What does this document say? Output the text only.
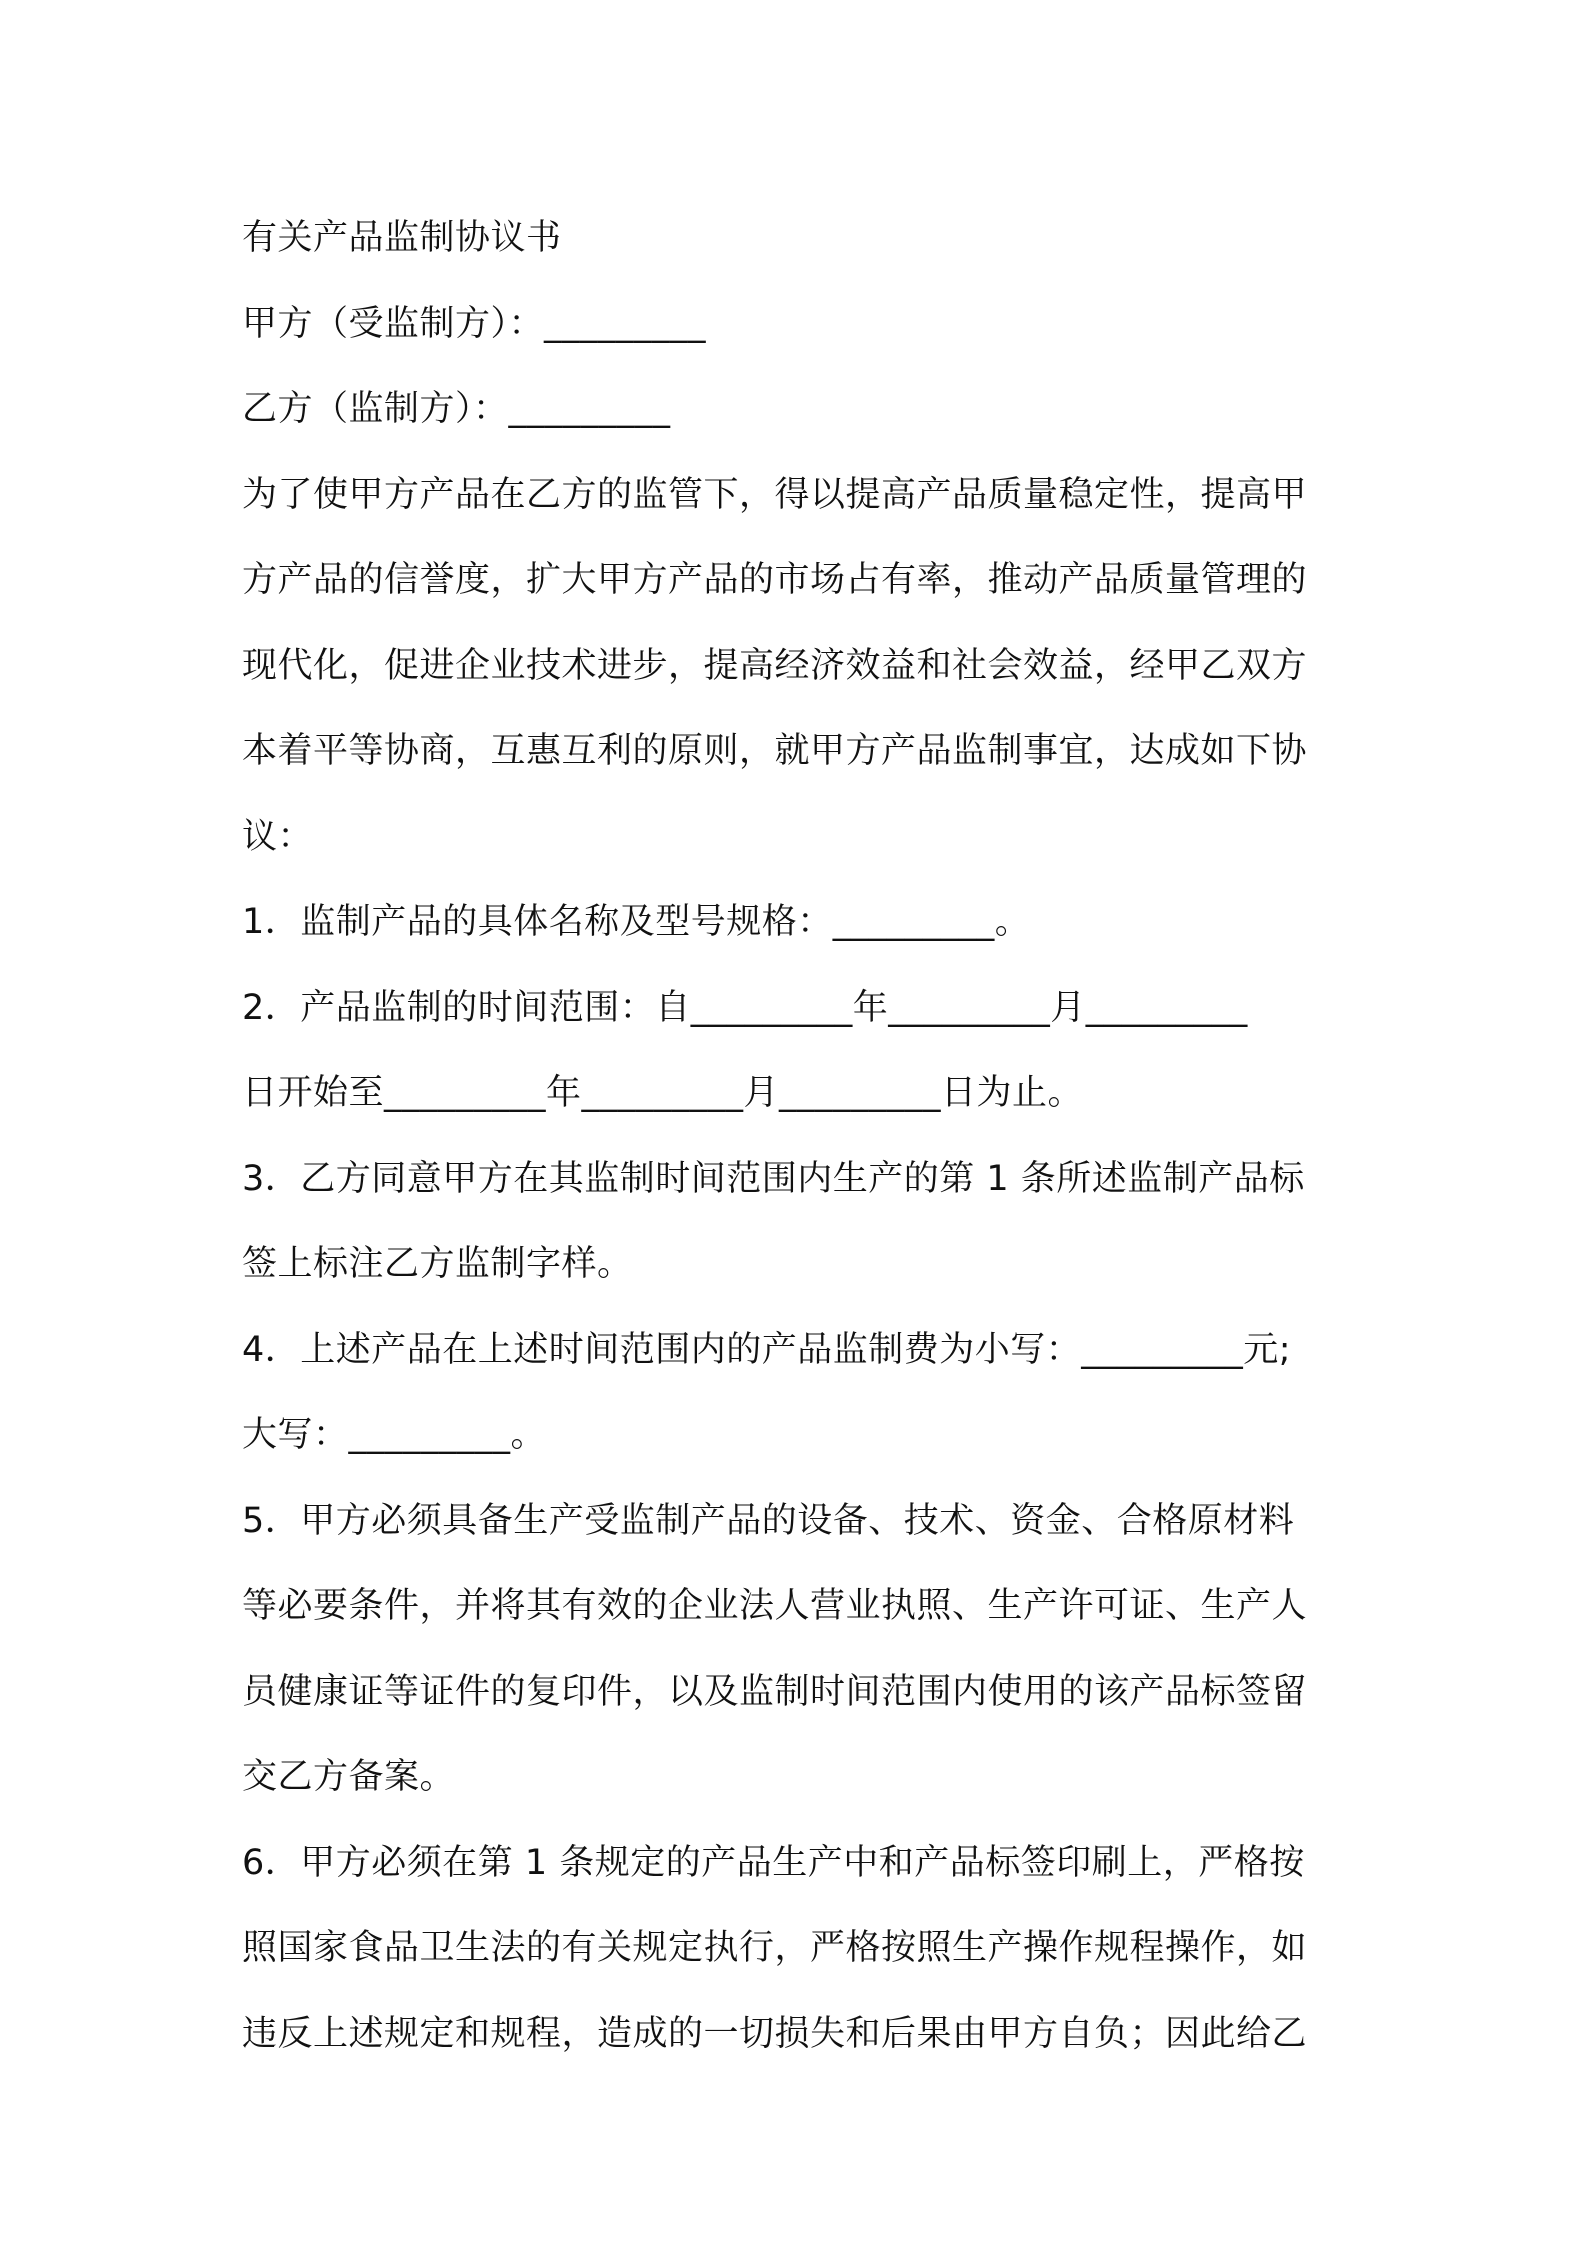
有关产品监制协议书
甲方（受监制方）：_________
乙方（监制方）：_________
为了使甲方产品在乙方的监管下，得以提高产品质量稳定性，提高甲
方产品的信誉度，扩大甲方产品的市场占有率，推动产品质量管理的
现代化，促进企业技术进步，提高经济效益和社会效益，经甲乙双方
本着平等协商，互惠互利的原则，就甲方产品监制事宜，达成如下协
议：
1．监制产品的具体名称及型号规格：_________。
2．产品监制的时间范围：自_________年_________月_________
日开始至_________年_________月_________日为止。
3．乙方同意甲方在其监制时间范围内生产的第 1 条所述监制产品标
签上标注乙方监制字样。
4．上述产品在上述时间范围内的产品监制费为小写：_________元;
大写：_________。
5．甲方必须具备生产受监制产品的设备、技术、资金、合格原材料
等必要条件，并将其有效的企业法人营业执照、生产许可证、生产人
员健康证等证件的复印件，以及监制时间范围内使用的该产品标签留
交乙方备案。
6．甲方必须在第 1 条规定的产品生产中和产品标签印刷上，严格按
照国家食品卫生法的有关规定执行，严格按照生产操作规程操作，如
违反上述规定和规程，造成的一切损失和后果由甲方自负；因此给乙
